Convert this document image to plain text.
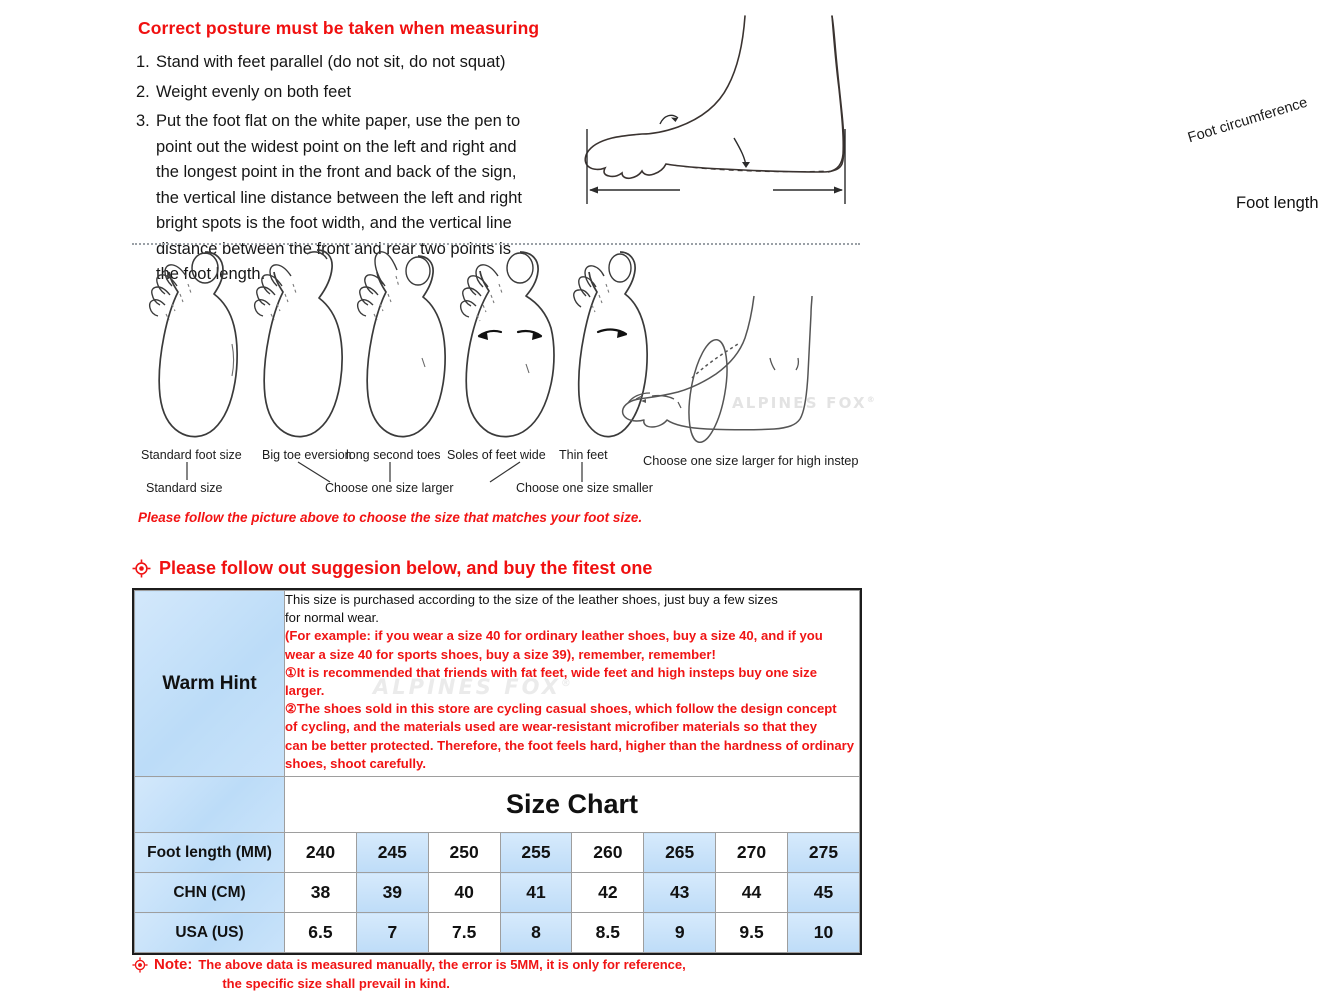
Correct posture must be taken when measuring
1. Stand with feet parallel (do not sit, do not squat)
2. Weight evenly on both feet
3. Put the foot flat on the white paper, use the pen to point out the widest point on the left and right and the longest point in the front and back of the sign, the vertical line distance between the left and right bright spots is the foot width, and the vertical line distance between the front and rear two points is the foot length.
Foot circumference
Foot length
ALPINES FOX®
Standard foot size Big toe eversion
long second toes Soles of feet wide Thin feet
Standard size	Choose one size larger	Choose one size smaller
Choose one size larger for high instep
Please follow the picture above to choose the size that matches your foot size.
Please follow out suggesion below, and buy the fitest one
Warm Hint	
This size is purchased according to the size of the leather shoes, just buy a few sizes
for normal wear.
(For example: if you wear a size 40 for ordinary leather shoes, buy a size 40, and if you
wear a size 40 for sports shoes, buy a size 39), remember, remember!
①It is recommended that friends with fat feet, wide feet and high insteps buy one size
larger.
②The shoes sold in this store are cycling casual shoes, which follow the design concept
of cycling, and the materials used are wear-resistant microfiber materials so that they
can be better protected. Therefore, the foot feels hard, higher than the hardness of ordinary
shoes, shoot carefully.
ALPINES FOX®

	Size Chart							
Foot length (MM)	240	245	250	255	260	265	270	275
CHN (CM)	38	39	40	41	42	43	44	45
USA (US)	6.5	7	7.5	8	8.5	9	9.5	10
Note: The above data is measured manually, the error is 5MM, it is only for reference,
the specific size shall prevail in kind.
